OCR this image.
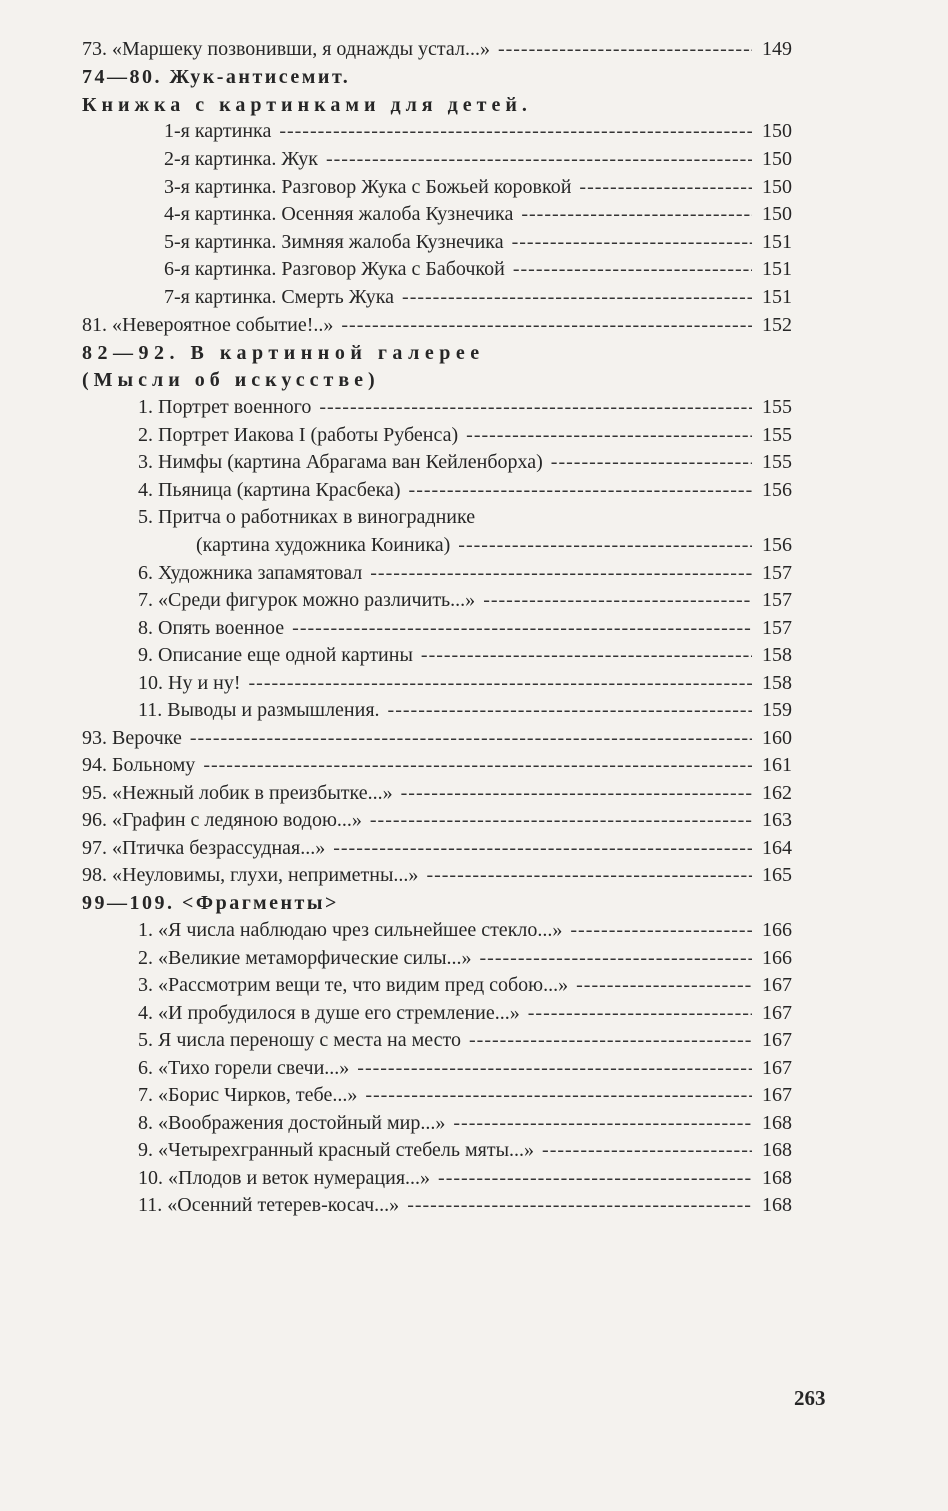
73. «Маршеку позвонивши, я однажды устал...» -----	149
74—80. Жук-антисемит.
Книжка с картинками для детей.
1-я картинка -----	150
2-я картинка. Жук -----	150
3-я картинка. Разговор Жука с Божьей коровкой -----	150
4-я картинка. Осенняя жалоба Кузнечика -----	150
5-я картинка. Зимняя жалоба Кузнечика -----	151
6-я картинка. Разговор Жука с Бабочкой -----	151
7-я картинка. Смерть Жука -----	151
81. «Невероятное событие!..» -----	152
82—92. В картинной галерее
(Мысли об искусстве)
1. Портрет военного -----	155
2. Портрет Иакова I (работы Рубенса) -----	155
3. Нимфы (картина Абрагама ван Кейленборха) -----	155
4. Пьяница (картина Красбека) -----	156
5. Притча о работниках в винограднике
(картина художника Коиника) -----	156
6. Художника запамятовал -----	157
7. «Среди фигурок можно различить...» -----	157
8. Опять военное -----	157
9. Описание еще одной картины -----	158
10. Ну и ну! -----	158
11. Выводы и размышления. -----	159
93. Верочке -----	160
94. Больному -----	161
95. «Нежный лобик в преизбытке...» -----	162
96. «Графин с ледяною водою...» -----	163
97. «Птичка безрассудная...» -----	164
98. «Неуловимы, глухи, неприметны...» -----	165
99—109. <Фрагменты>
1. «Я числа наблюдаю чрез сильнейшее стекло...» -----	166
2. «Великие метаморфические силы...» -----	166
3. «Рассмотрим вещи те, что видим пред собою...» -----	167
4. «И пробудилося в душе его стремление...» -----	167
5. Я числа переношу с места на место -----	167
6. «Тихо горели свечи...» -----	167
7. «Борис Чирков, тебе...» -----	167
8. «Воображения достойный мир...» -----	168
9. «Четырехгранный красный стебель мяты...» -----	168
10. «Плодов и веток нумерация...» -----	168
11. «Осенний тетерев-косач...» -----	168
263
